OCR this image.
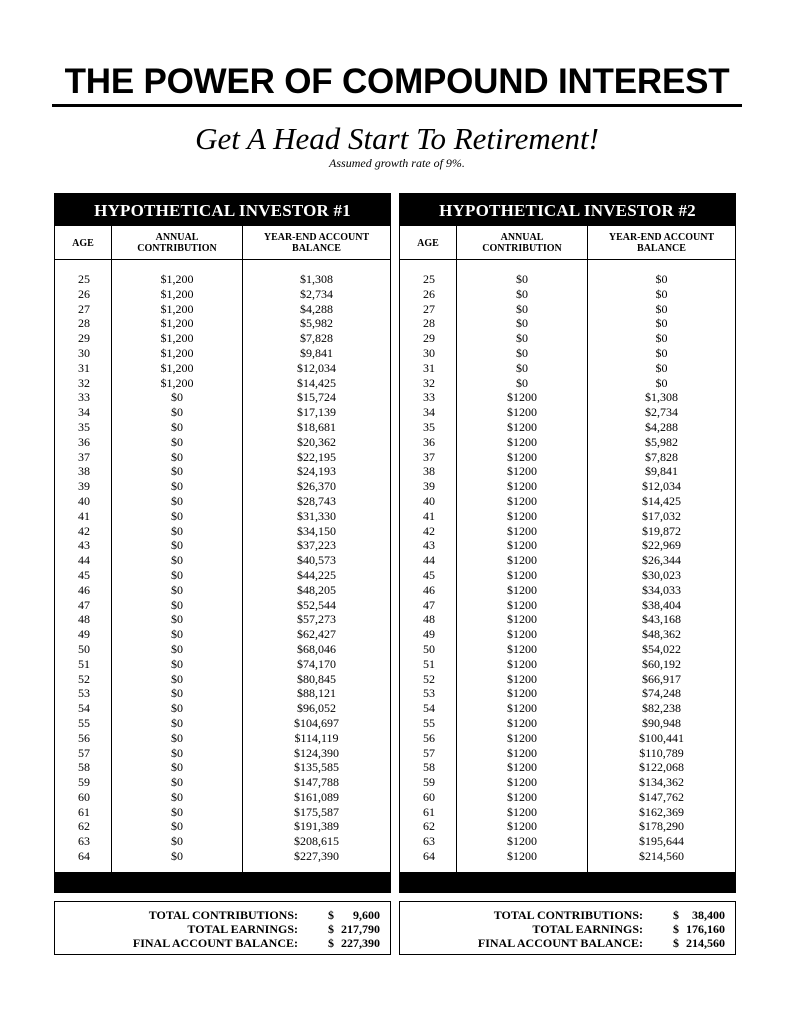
THE POWER OF COMPOUND INTEREST
Get A Head Start To Retirement!
Assumed growth rate of 9%.
HYPOTHETICAL INVESTOR #1
AGE	ANNUAL
CONTRIBUTION
YEAR-END ACCOUNT
BALANCE
25	$1,200	$1,308
26	$1,200	$2,734
27	$1,200	$4,288
28	$1,200	$5,982
29	$1,200	$7,828
30	$1,200	$9,841
31	$1,200	$12,034
32	$1,200	$14,425
33	$0	$15,724
34	$0	$17,139
35	$0	$18,681
36	$0	$20,362
37	$0	$22,195
38	$0	$24,193
39	$0	$26,370
40	$0	$28,743
41	$0	$31,330
42	$0	$34,150
43	$0	$37,223
44	$0	$40,573
45	$0	$44,225
46	$0	$48,205
47	$0	$52,544
48	$0	$57,273
49	$0	$62,427
50	$0	$68,046
51	$0	$74,170
52	$0	$80,845
53	$0	$88,121
54	$0	$96,052
55	$0	$104,697
56	$0	$114,119
57	$0	$124,390
58	$0	$135,585
59	$0	$147,788
60	$0	$161,089
61	$0	$175,587
62	$0	$191,389
63	$0	$208,615
64	$0	$227,390
HYPOTHETICAL INVESTOR #2
AGE	ANNUAL
CONTRIBUTION
YEAR-END ACCOUNT
BALANCE
25	$0	$0
26	$0	$0
27	$0	$0
28	$0	$0
29	$0	$0
30	$0	$0
31	$0	$0
32	$0	$0
33	$1200	$1,308
34	$1200	$2,734
35	$1200	$4,288
36	$1200	$5,982
37	$1200	$7,828
38	$1200	$9,841
39	$1200	$12,034
40	$1200	$14,425
41	$1200	$17,032
42	$1200	$19,872
43	$1200	$22,969
44	$1200	$26,344
45	$1200	$30,023
46	$1200	$34,033
47	$1200	$38,404
48	$1200	$43,168
49	$1200	$48,362
50	$1200	$54,022
51	$1200	$60,192
52	$1200	$66,917
53	$1200	$74,248
54	$1200	$82,238
55	$1200	$90,948
56	$1200	$100,441
57	$1200	$110,789
58	$1200	$122,068
59	$1200	$134,362
60	$1200	$147,762
61	$1200	$162,369
62	$1200	$178,290
63	$1200	$195,644
64	$1200	$214,560
TOTAL CONTRIBUTIONS:	$ 9,600
TOTAL EARNINGS:	$ 217,790
FINAL ACCOUNT BALANCE:	$ 227,390
TOTAL CONTRIBUTIONS:	$ 38,400
TOTAL EARNINGS:	$ 176,160
FINAL ACCOUNT BALANCE:	$ 214,560
